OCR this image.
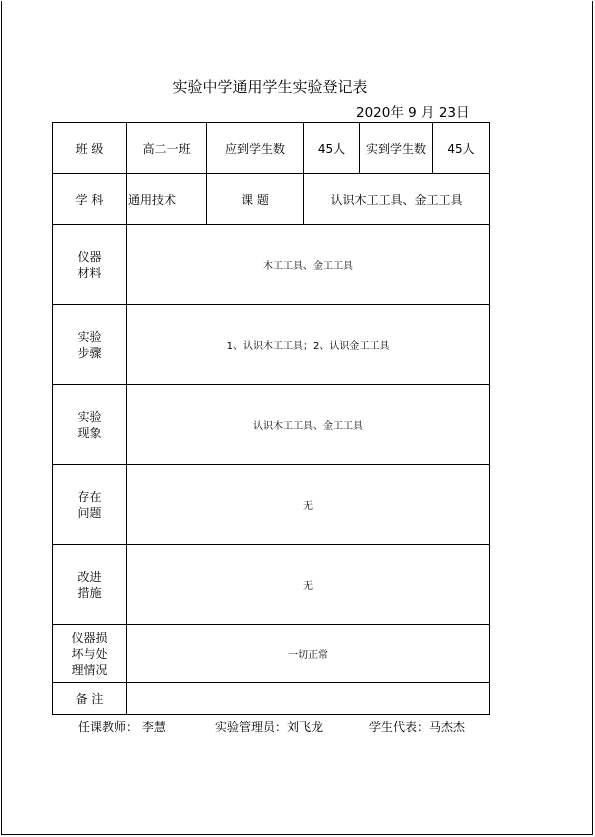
实验中学通用学生实验登记表
2020年 9 月 23日
班 级	高二一班	应到学生数	45人	实到学生数	45人
学 科	通用技术	课 题	认识木工工具、金工工具		
仪器
材料	木工工具、金工工具				
实验
步骤	1、认识木工工具；2、认识金工工具				
实验
现象	认识木工工具、金工工具				
存在
问题	无				
改进
措施	无				
仪器损
坏与处
理情况	一切正常				
备 注					
任课教师： 李慧	实验管理员：刘飞龙	学生代表：马杰杰
